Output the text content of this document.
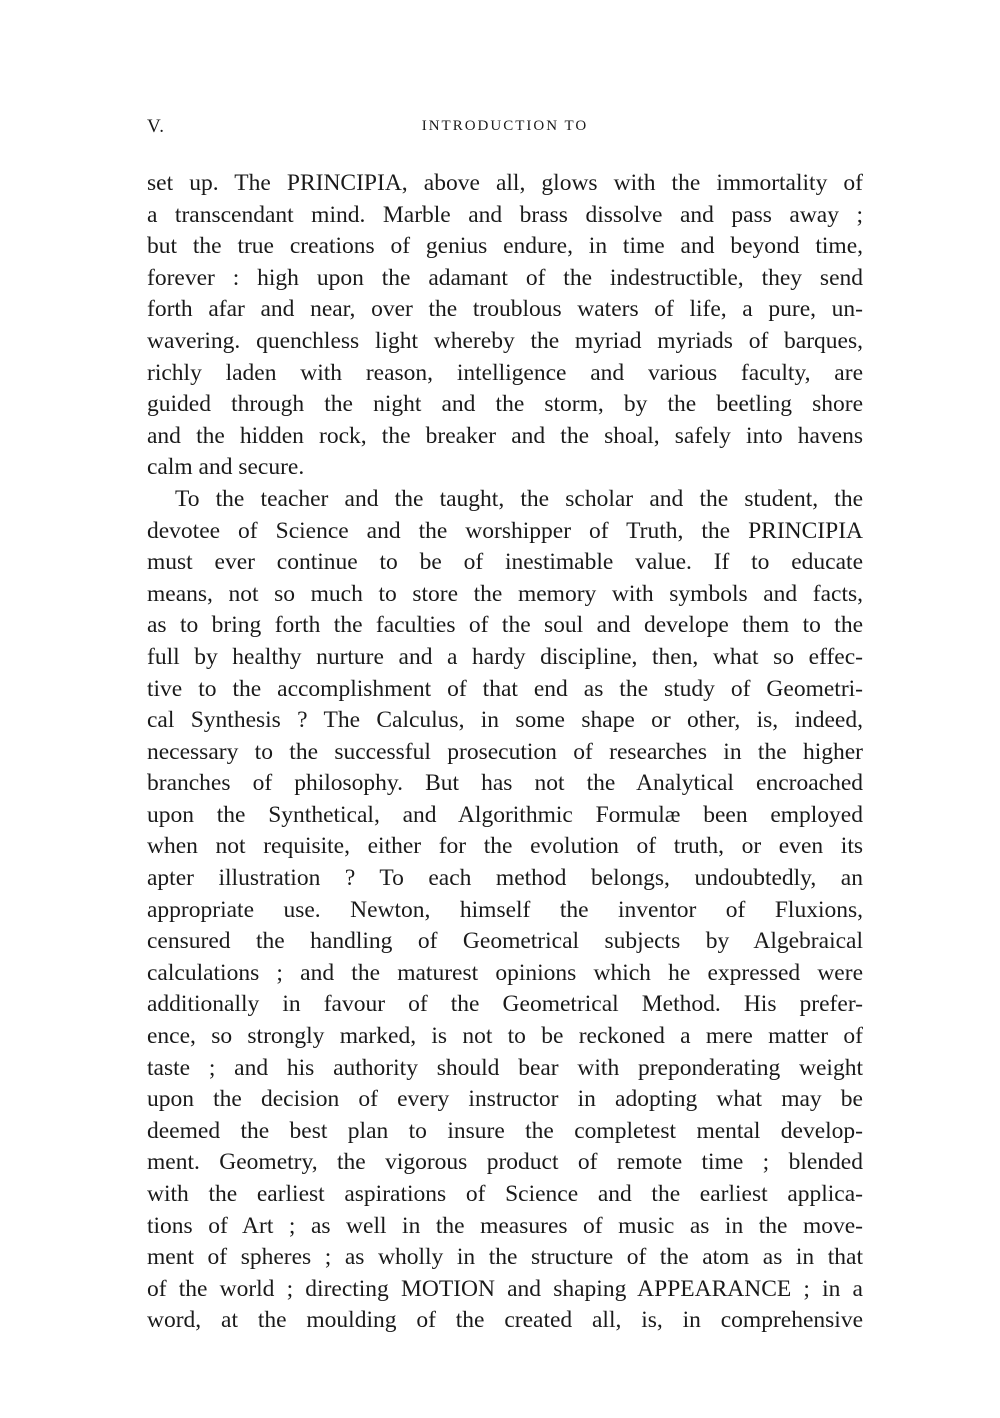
V.	INTRODUCTION TO
set up. The PRINCIPIA, above all, glows with the immortality of
a transcendant mind. Marble and brass dissolve and pass away ;
but the true creations of genius endure, in time and beyond time,
forever : high upon the adamant of the indestructible, they send
forth afar and near, over the troublous waters of life, a pure, un-
wavering. quenchless light whereby the myriad myriads of barques,
richly laden with reason, intelligence and various faculty, are
guided through the night and the storm, by the beetling shore
and the hidden rock, the breaker and the shoal, safely into havens
calm and secure.
To the teacher and the taught, the scholar and the student, the
devotee of Science and the worshipper of Truth, the PRINCIPIA
must ever continue to be of inestimable value. If to educate
means, not so much to store the memory with symbols and facts,
as to bring forth the faculties of the soul and develope them to the
full by healthy nurture and a hardy discipline, then, what so effec-
tive to the accomplishment of that end as the study of Geometri-
cal Synthesis ? The Calculus, in some shape or other, is, indeed,
necessary to the successful prosecution of researches in the higher
branches of philosophy. But has not the Analytical encroached
upon the Synthetical, and Algorithmic Formulæ been employed
when not requisite, either for the evolution of truth, or even its
apter illustration ? To each method belongs, undoubtedly, an
appropriate use. Newton, himself the inventor of Fluxions,
censured the handling of Geometrical subjects by Algebraical
calculations ; and the maturest opinions which he expressed were
additionally in favour of the Geometrical Method. His prefer-
ence, so strongly marked, is not to be reckoned a mere matter of
taste ; and his authority should bear with preponderating weight
upon the decision of every instructor in adopting what may be
deemed the best plan to insure the completest mental develop-
ment. Geometry, the vigorous product of remote time ; blended
with the earliest aspirations of Science and the earliest applica-
tions of Art ; as well in the measures of music as in the move-
ment of spheres ; as wholly in the structure of the atom as in that
of the world ; directing MOTION and shaping APPEARANCE ; in a
word, at the moulding of the created all, is, in comprehensive
